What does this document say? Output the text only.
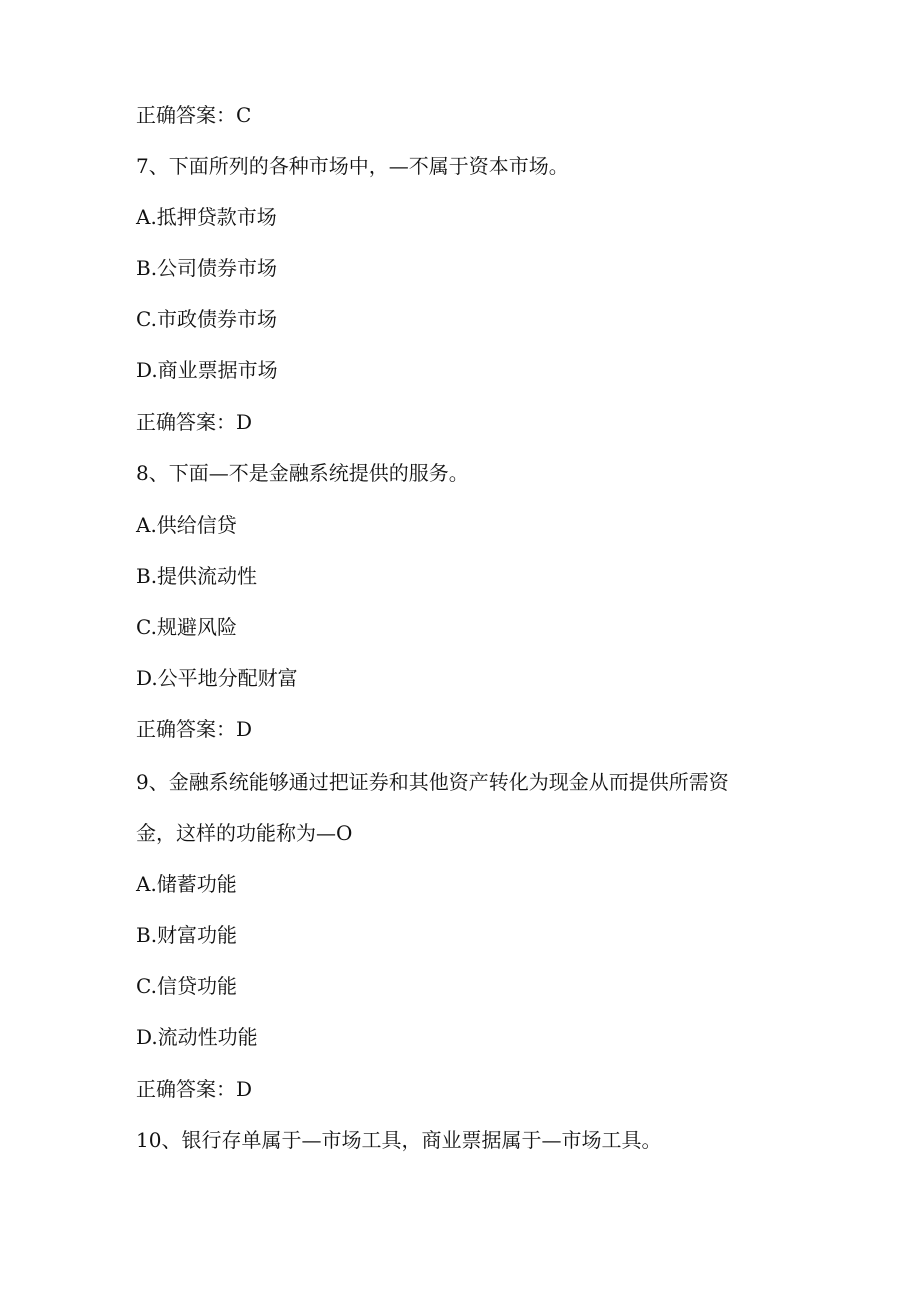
正确答案：C
7、下面所列的各种市场中，—不属于资本市场。
A.抵押贷款市场
B.公司债券市场
C.市政债券市场
D.商业票据市场
正确答案：D
8、下面—不是金融系统提供的服务。
A.供给信贷
B.提供流动性
C.规避风险
D.公平地分配财富
正确答案：D
9、金融系统能够通过把证券和其他资产转化为现金从而提供所需资
金，这样的功能称为—O
A.储蓄功能
B.财富功能
C.信贷功能
D.流动性功能
正确答案：D
10、银行存单属于—市场工具，商业票据属于—市场工具。
